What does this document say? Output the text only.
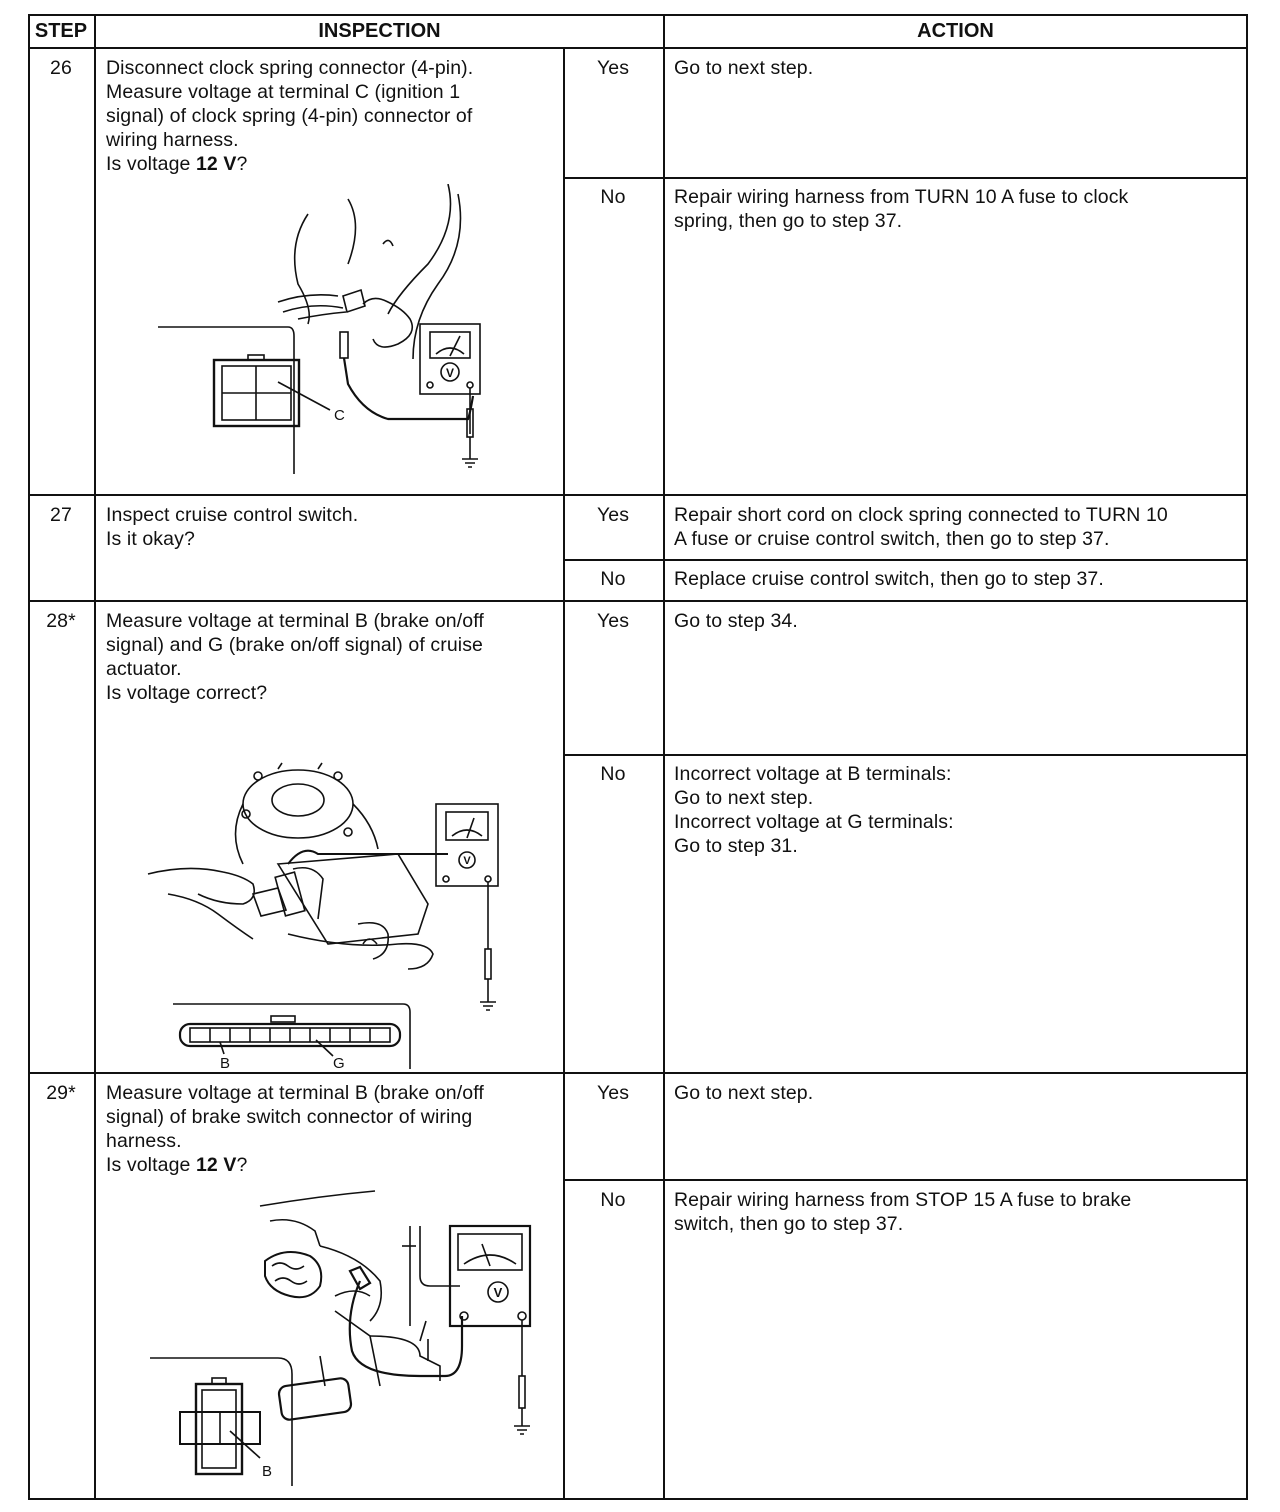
STEP	INSPECTION	ACTION
26	Disconnect clock spring connector (4-pin).
Measure voltage at terminal C (ignition 1
signal) of clock spring (4-pin) connector of
wiring harness.
Is voltage 12 V?
Yes	Go to next step.
No	Repair wiring harness from TURN 10 A fuse to clock
spring, then go to step 37.
V
C
27	Inspect cruise control switch.
Is it okay?
Yes	Repair short cord on clock spring connected to TURN 10
A fuse or cruise control switch, then go to step 37.
No	Replace cruise control switch, then go to step 37.
28*	Measure voltage at terminal B (brake on/off
signal) and G (brake on/off signal) of cruise
actuator.
Is voltage correct?
Yes	Go to step 34.
No	Incorrect voltage at B terminals:
Go to next step.
Incorrect voltage at G terminals:
Go to step 31.
V
B	G
29*	Measure voltage at terminal B (brake on/off
signal) of brake switch connector of wiring
harness.
Is voltage 12 V?
Yes	Go to next step.
No	Repair wiring harness from STOP 15 A fuse to brake
switch, then go to step 37.
V
B
